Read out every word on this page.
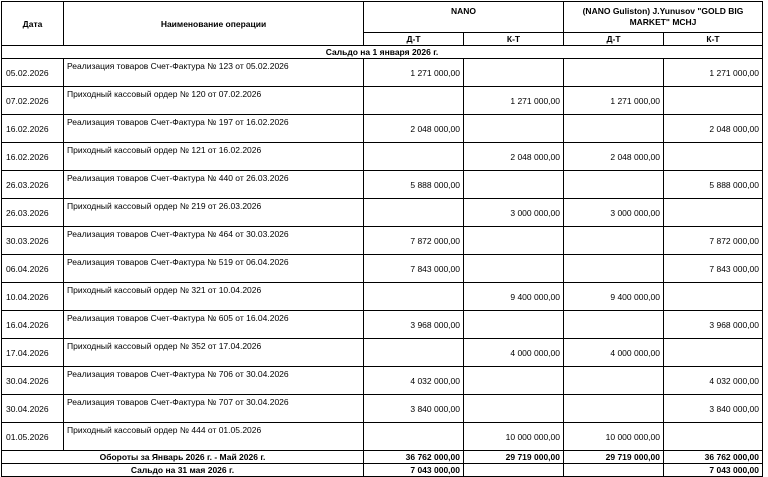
Дата	Наименование операции	NANO		(NANO Guliston) J.Yunusov "GOLD BIG MARKET" MCHJ	
		Д-Т	К-Т	Д-Т	К-Т
Сальдо на 1 января 2026 г.					
05.02.2026	Реализация товаров Счет-Фактура № 123 от 05.02.2026	1 271 000,00			1 271 000,00
07.02.2026	Приходный кассовый ордер № 120 от 07.02.2026		1 271 000,00	1 271 000,00	
16.02.2026	Реализация товаров Счет-Фактура № 197 от 16.02.2026	2 048 000,00			2 048 000,00
16.02.2026	Приходный кассовый ордер № 121 от 16.02.2026		2 048 000,00	2 048 000,00	
26.03.2026	Реализация товаров Счет-Фактура № 440 от 26.03.2026	5 888 000,00			5 888 000,00
26.03.2026	Приходный кассовый ордер № 219 от 26.03.2026		3 000 000,00	3 000 000,00	
30.03.2026	Реализация товаров Счет-Фактура № 464 от 30.03.2026	7 872 000,00			7 872 000,00
06.04.2026	Реализация товаров Счет-Фактура № 519 от 06.04.2026	7 843 000,00			7 843 000,00
10.04.2026	Приходный кассовый ордер № 321 от 10.04.2026		9 400 000,00	9 400 000,00	
16.04.2026	Реализация товаров Счет-Фактура № 605 от 16.04.2026	3 968 000,00			3 968 000,00
17.04.2026	Приходный кассовый ордер № 352 от 17.04.2026		4 000 000,00	4 000 000,00	
30.04.2026	Реализация товаров Счет-Фактура № 706 от 30.04.2026	4 032 000,00			4 032 000,00
30.04.2026	Реализация товаров Счет-Фактура № 707 от 30.04.2026	3 840 000,00			3 840 000,00
01.05.2026	Приходный кассовый ордер № 444 от 01.05.2026		10 000 000,00	10 000 000,00	
Обороты за Январь 2026 г. - Май 2026 г.		36 762 000,00	29 719 000,00	29 719 000,00	36 762 000,00
Сальдо на 31 мая 2026 г.		7 043 000,00			7 043 000,00
